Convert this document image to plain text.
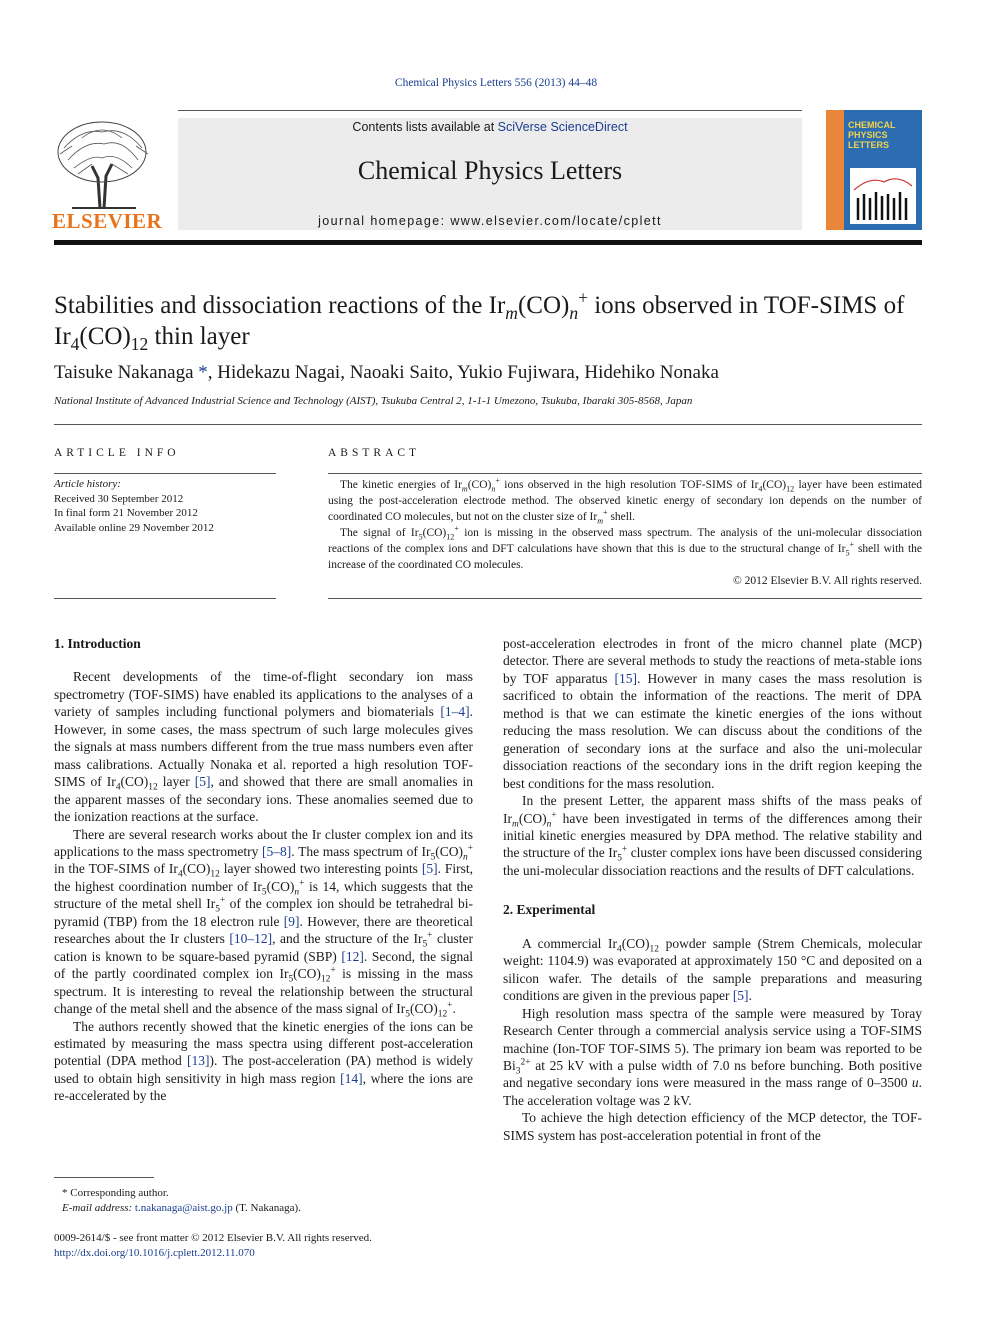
Chemical Physics Letters 556 (2013) 44–48
ELSEVIER
Contents lists available at SciVerse ScienceDirect
Chemical Physics Letters
journal homepage: www.elsevier.com/locate/cplett
CHEMICAL
PHYSICS
LETTERS
Stabilities and dissociation reactions of the $Ir_m(CO)_n^+$ ions observed in TOF-SIMS of $Ir_4(CO)_{12}$ thin layer
Taisuke Nakanaga *, Hidekazu Nagai, Naoaki Saito, Yukio Fujiwara, Hidehiko Nonaka
National Institute of Advanced Industrial Science and Technology (AIST), Tsukuba Central 2, 1-1-1 Umezono, Tsukuba, Ibaraki 305-8568, Japan
ARTICLE INFO
Article history:
Received 30 September 2012
In final form 21 November 2012
Available online 29 November 2012
ABSTRACT

The kinetic energies of $Ir_m(CO)_n^+$ ions observed in the high resolution TOF-SIMS of $Ir_4(CO)_{12}$ layer have been estimated using the post-acceleration electrode method. The observed kinetic energy of secondary ion depends on the number of coordinated CO molecules, but not on the cluster size of $Ir_m^+$ shell.

The signal of $Ir_5(CO)_{12}^+$ ion is missing in the observed mass spectrum. The analysis of the uni-molecular dissociation reactions of the complex ions and DFT calculations have shown that this is due to the structural change of $Ir_5^+$ shell with the increase of the coordinated CO molecules.

© 2012 Elsevier B.V. All rights reserved.
1. Introduction

Recent developments of the time-of-flight secondary ion mass spectrometry (TOF-SIMS) have enabled its applications to the analyses of a variety of samples including functional polymers and biomaterials [1–4]. However, in some cases, the mass spectrum of such large molecules gives the signals at mass numbers different from the true mass numbers even after mass calibrations. Actually Nonaka et al. reported a high resolution TOF-SIMS of $Ir_4(CO)_{12}$ layer [5], and showed that there are small anomalies in the apparent masses of the secondary ions. These anomalies seemed due to the ionization reactions at the surface.

There are several research works about the Ir cluster complex ion and its applications to the mass spectrometry [5–8]. The mass spectrum of $Ir_5(CO)_n^+$ in the TOF-SIMS of $Ir_4(CO)_{12}$ layer showed two interesting points [5]. First, the highest coordination number of $Ir_5(CO)_n^+$ is 14, which suggests that the structure of the metal shell $Ir_5^+$ of the complex ion should be tetrahedral bi-pyramid (TBP) from the 18 electron rule [9]. However, there are theoretical researches about the Ir clusters [10–12], and the structure of the $Ir_5^+$ cluster cation is known to be square-based pyramid (SBP) [12]. Second, the signal of the partly coordinated complex ion $Ir_5(CO)_{12}^+$ is missing in the mass spectrum. It is interesting to reveal the relationship between the structural change of the metal shell and the absence of the mass signal of $Ir_5(CO)_{12}^+$.

The authors recently showed that the kinetic energies of the ions can be estimated by measuring the mass spectra using different post-acceleration potential (DPA method [13]). The post-acceleration (PA) method is widely used to obtain high sensitivity in high mass region [14], where the ions are re-accelerated by the

post-acceleration electrodes in front of the micro channel plate (MCP) detector. There are several methods to study the reactions of meta-stable ions by TOF apparatus [15]. However in many cases the mass resolution is sacrificed to obtain the information of the reactions. The merit of DPA method is that we can estimate the kinetic energies of the ions without reducing the mass resolution. We can discuss about the conditions of the generation of secondary ions at the surface and also the uni-molecular dissociation reactions of the secondary ions in the drift region keeping the best conditions for the mass resolution.

In the present Letter, the apparent mass shifts of the mass peaks of $Ir_m(CO)_n^+$ have been investigated in terms of the differences among their initial kinetic energies measured by DPA method. The relative stability and the structure of the $Ir_5^+$ cluster complex ions have been discussed considering the uni-molecular dissociation reactions and the results of DFT calculations.

2. Experimental

A commercial $Ir_4(CO)_{12}$ powder sample (Strem Chemicals, molecular weight: 1104.9) was evaporated at approximately 150 °C and deposited on a silicon wafer. The details of the sample preparations and measuring conditions are given in the previous paper [5].

High resolution mass spectra of the sample were measured by Toray Research Center through a commercial analysis service using a TOF-SIMS machine (Ion-TOF TOF-SIMS 5). The primary ion beam was reported to be $Bi_3^{2+}$ at 25 kV with a pulse width of 7.0 ns before bunching. Both positive and negative secondary ions were measured in the mass range of 0–3500 u. The acceleration voltage was 2 kV.

To achieve the high detection efficiency of the MCP detector, the TOF-SIMS system has post-acceleration potential in front of the

* Corresponding author.
E-mail address: t.nakanaga@aist.go.jp (T. Nakanaga).
0009-2614/$ - see front matter © 2012 Elsevier B.V. All rights reserved.
http://dx.doi.org/10.1016/j.cplett.2012.11.070
